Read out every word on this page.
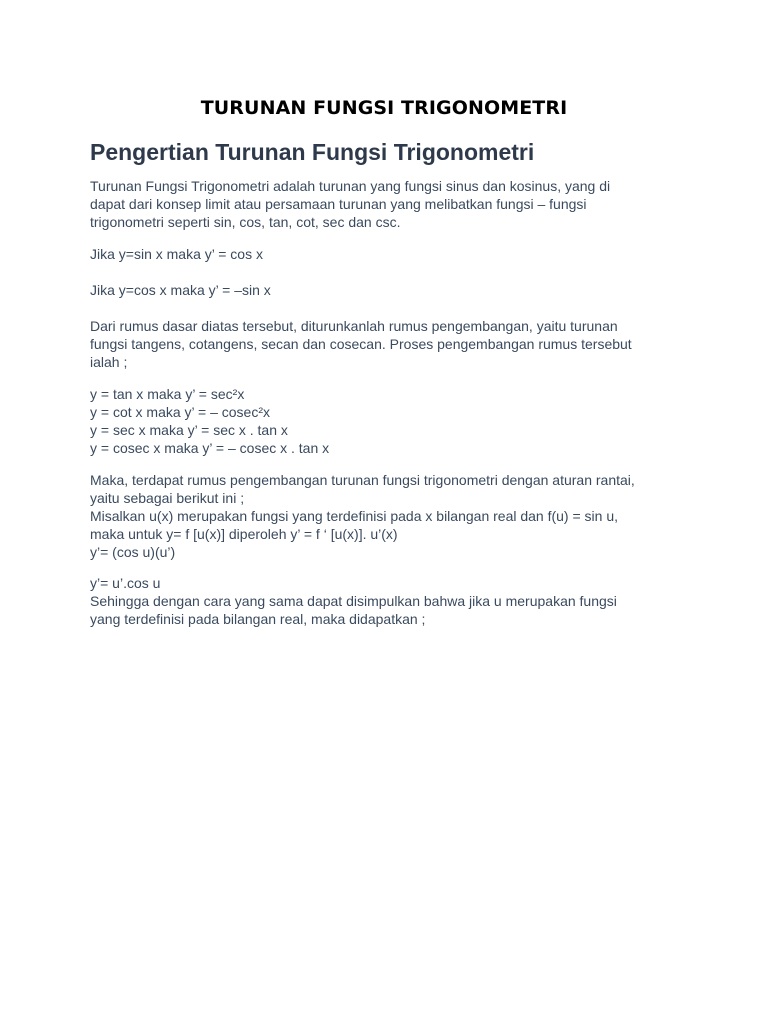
TURUNAN FUNGSI TRIGONOMETRI
Pengertian Turunan Fungsi Trigonometri
Turunan Fungsi Trigonometri adalah turunan yang fungsi sinus dan kosinus, yang di
dapat dari konsep limit atau persamaan turunan yang melibatkan fungsi – fungsi
trigonometri seperti sin, cos, tan, cot, sec dan csc.
Jika y=sin x maka y’ = cos x
Jika y=cos x maka y’ = –sin x
Dari rumus dasar diatas tersebut, diturunkanlah rumus pengembangan, yaitu turunan
fungsi tangens, cotangens, secan dan cosecan. Proses pengembangan rumus tersebut
ialah ;
y = tan x maka y’ = sec²x
y = cot x maka y’ = – cosec²x
y = sec x maka y’ = sec x . tan x
y = cosec x maka y’ = – cosec x . tan x
Maka, terdapat rumus pengembangan turunan fungsi trigonometri dengan aturan rantai,
yaitu sebagai berikut ini ;
Misalkan u(x) merupakan fungsi yang terdefinisi pada x bilangan real dan f(u) = sin u,
maka untuk y= f [u(x)] diperoleh y’ = f ‘ [u(x)]. u’(x)
y’= (cos u)(u’)
y’= u’.cos u
Sehingga dengan cara yang sama dapat disimpulkan bahwa jika u merupakan fungsi
yang terdefinisi pada bilangan real, maka didapatkan ;
